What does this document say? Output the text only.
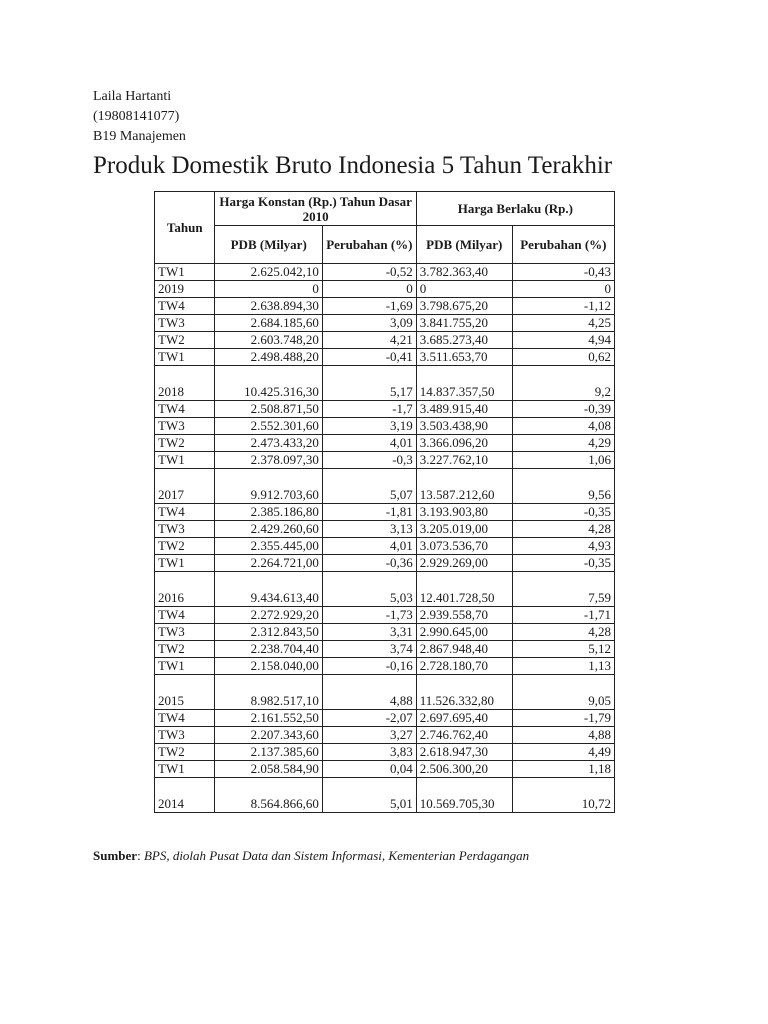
Laila Hartanti
(19808141077)
B19 Manajemen
Produk Domestik Bruto Indonesia 5 Tahun Terakhir
Tahun	Harga Konstan (Rp.) Tahun Dasar 2010		Harga Berlaku (Rp.)	
	PDB (Milyar)	Perubahan (%)	PDB (Milyar)	Perubahan (%)
TW1	2.625.042,10	-0,52	3.782.363,40	-0,43
2019	0	0	0	0
TW4	2.638.894,30	-1,69	3.798.675,20	-1,12
TW3	2.684.185,60	3,09	3.841.755,20	4,25
TW2	2.603.748,20	4,21	3.685.273,40	4,94
TW1	2.498.488,20	-0,41	3.511.653,70	0,62
2018	10.425.316,30	5,17	14.837.357,50	9,2
TW4	2.508.871,50	-1,7	3.489.915,40	-0,39
TW3	2.552.301,60	3,19	3.503.438,90	4,08
TW2	2.473.433,20	4,01	3.366.096,20	4,29
TW1	2.378.097,30	-0,3	3.227.762,10	1,06
2017	9.912.703,60	5,07	13.587.212,60	9,56
TW4	2.385.186,80	-1,81	3.193.903,80	-0,35
TW3	2.429.260,60	3,13	3.205.019,00	4,28
TW2	2.355.445,00	4,01	3.073.536,70	4,93
TW1	2.264.721,00	-0,36	2.929.269,00	-0,35
2016	9.434.613,40	5,03	12.401.728,50	7,59
TW4	2.272.929,20	-1,73	2.939.558,70	-1,71
TW3	2.312.843,50	3,31	2.990.645,00	4,28
TW2	2.238.704,40	3,74	2.867.948,40	5,12
TW1	2.158.040,00	-0,16	2.728.180,70	1,13
2015	8.982.517,10	4,88	11.526.332,80	9,05
TW4	2.161.552,50	-2,07	2.697.695,40	-1,79
TW3	2.207.343,60	3,27	2.746.762,40	4,88
TW2	2.137.385,60	3,83	2.618.947,30	4,49
TW1	2.058.584,90	0,04	2.506.300,20	1,18
2014	8.564.866,60	5,01	10.569.705,30	10,72
Sumber: BPS, diolah Pusat Data dan Sistem Informasi, Kementerian Perdagangan
